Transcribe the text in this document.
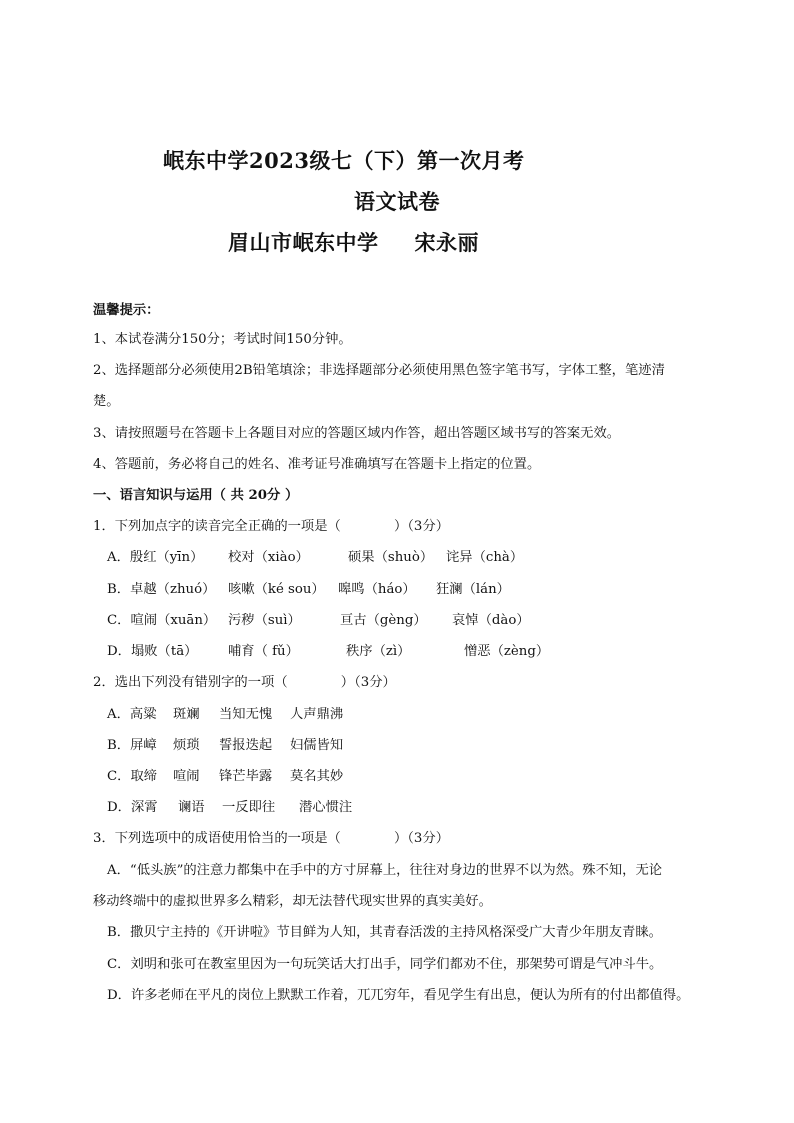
岷东中学2023级七（下）第一次月考
语文试卷
眉山市岷东中学 宋永丽
温馨提示：
1、本试卷满分150分；考试时间150分钟。
2、选择题部分必须使用2B铅笔填涂；非选择题部分必须使用黑色签字笔书写，字体工整，笔迹清
楚。
3、请按照题号在答题卡上各题目对应的答题区域内作答，超出答题区域书写的答案无效。
4、答题前，务必将自己的姓名、准考证号准确填写在答题卡上指定的位置。
一、语言知识与运用（ 共 20分 ）
1．下列加点字的读音完全正确的一项是（　　　　）（3分）
A．殷红（yīn） 校对（xiào）	硕果（shuò） 诧异（chà）
B．卓越（zhuó） 咳嗽（ké sou） 嗥鸣（háo） 狂澜（lán）
C．喧闹（xuān） 污秽（suì）	亘古（gèng） 哀悼（dào）
D．塌败（tā） 哺育（ fǔ）	秩序（zì）	憎恶（zèng）
2．选出下列没有错别字的一项（　　　　）（3分）
A．高粱 斑斓 当知无愧 人声鼎沸
B．屏嶂 烦琐 誓报迭起 妇儒皆知
C．取缔 喧闹 锋芒毕露 莫名其妙
D．深霄 谰语 一反即往 潜心惯注
3．下列选项中的成语使用恰当的一项是（　　　　）（3分）
A．“低头族”的注意力都集中在手中的方寸屏幕上，往往对身边的世界不以为然。殊不知，无论
移动终端中的虚拟世界多么精彩，却无法替代现实世界的真实美好。
B．撒贝宁主持的《开讲啦》节目鲜为人知，其青春活泼的主持风格深受广大青少年朋友青睐。
C．刘明和张可在教室里因为一句玩笑话大打出手，同学们都劝不住，那架势可谓是气冲斗牛。
D．许多老师在平凡的岗位上默默工作着，兀兀穷年，看见学生有出息，便认为所有的付出都值得。
